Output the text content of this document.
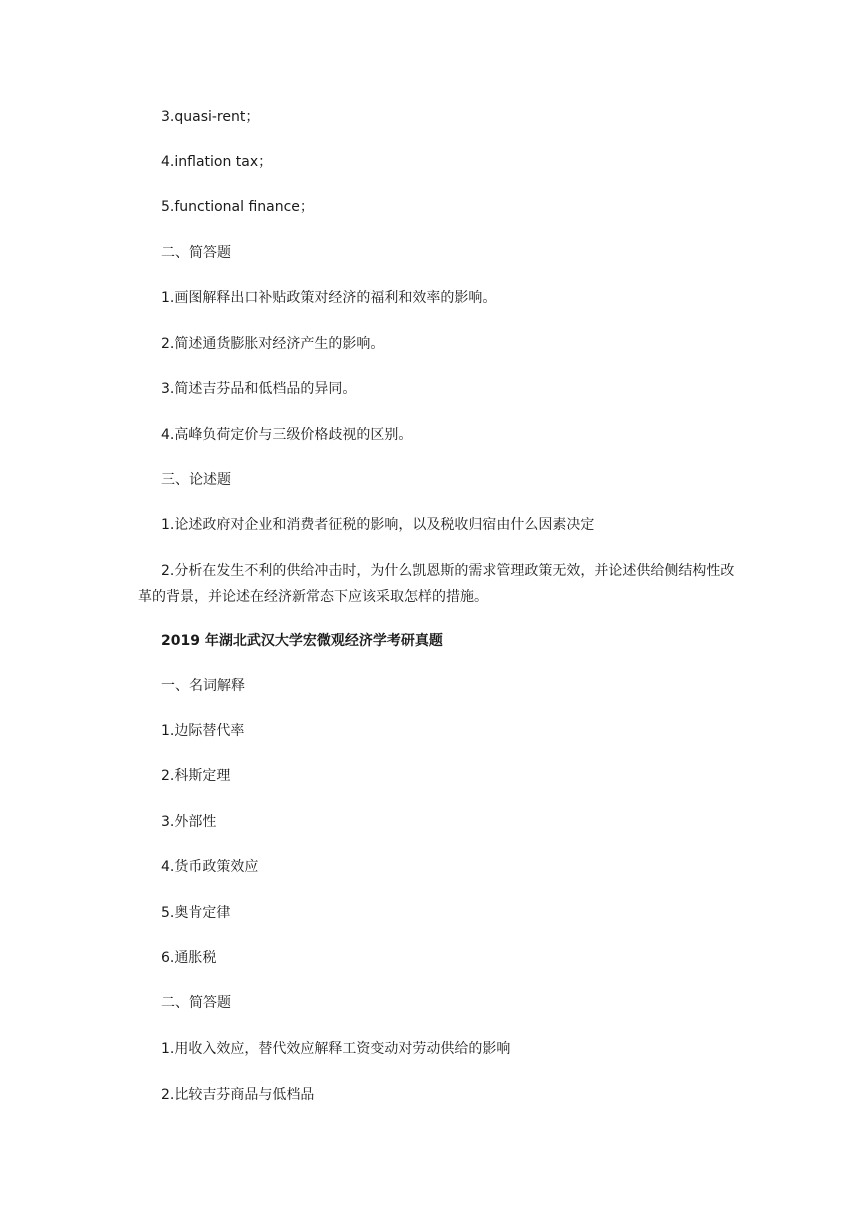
3.quasi-rent；
4.inflation tax；
5.functional finance；
二、简答题
1.画图解释出口补贴政策对经济的福利和效率的影响。
2.简述通货膨胀对经济产生的影响。
3.简述吉芬品和低档品的异同。
4.高峰负荷定价与三级价格歧视的区别。
三、论述题
1.论述政府对企业和消费者征税的影响，以及税收归宿由什么因素决定
2.分析在发生不利的供给冲击时，为什么凯恩斯的需求管理政策无效，并论述供给侧结构性改革的背景，并论述在经济新常态下应该采取怎样的措施。
2019 年湖北武汉大学宏微观经济学考研真题
一、名词解释
1.边际替代率
2.科斯定理
3.外部性
4.货币政策效应
5.奥肯定律
6.通胀税
二、简答题
1.用收入效应，替代效应解释工资变动对劳动供给的影响
2.比较吉芬商品与低档品
